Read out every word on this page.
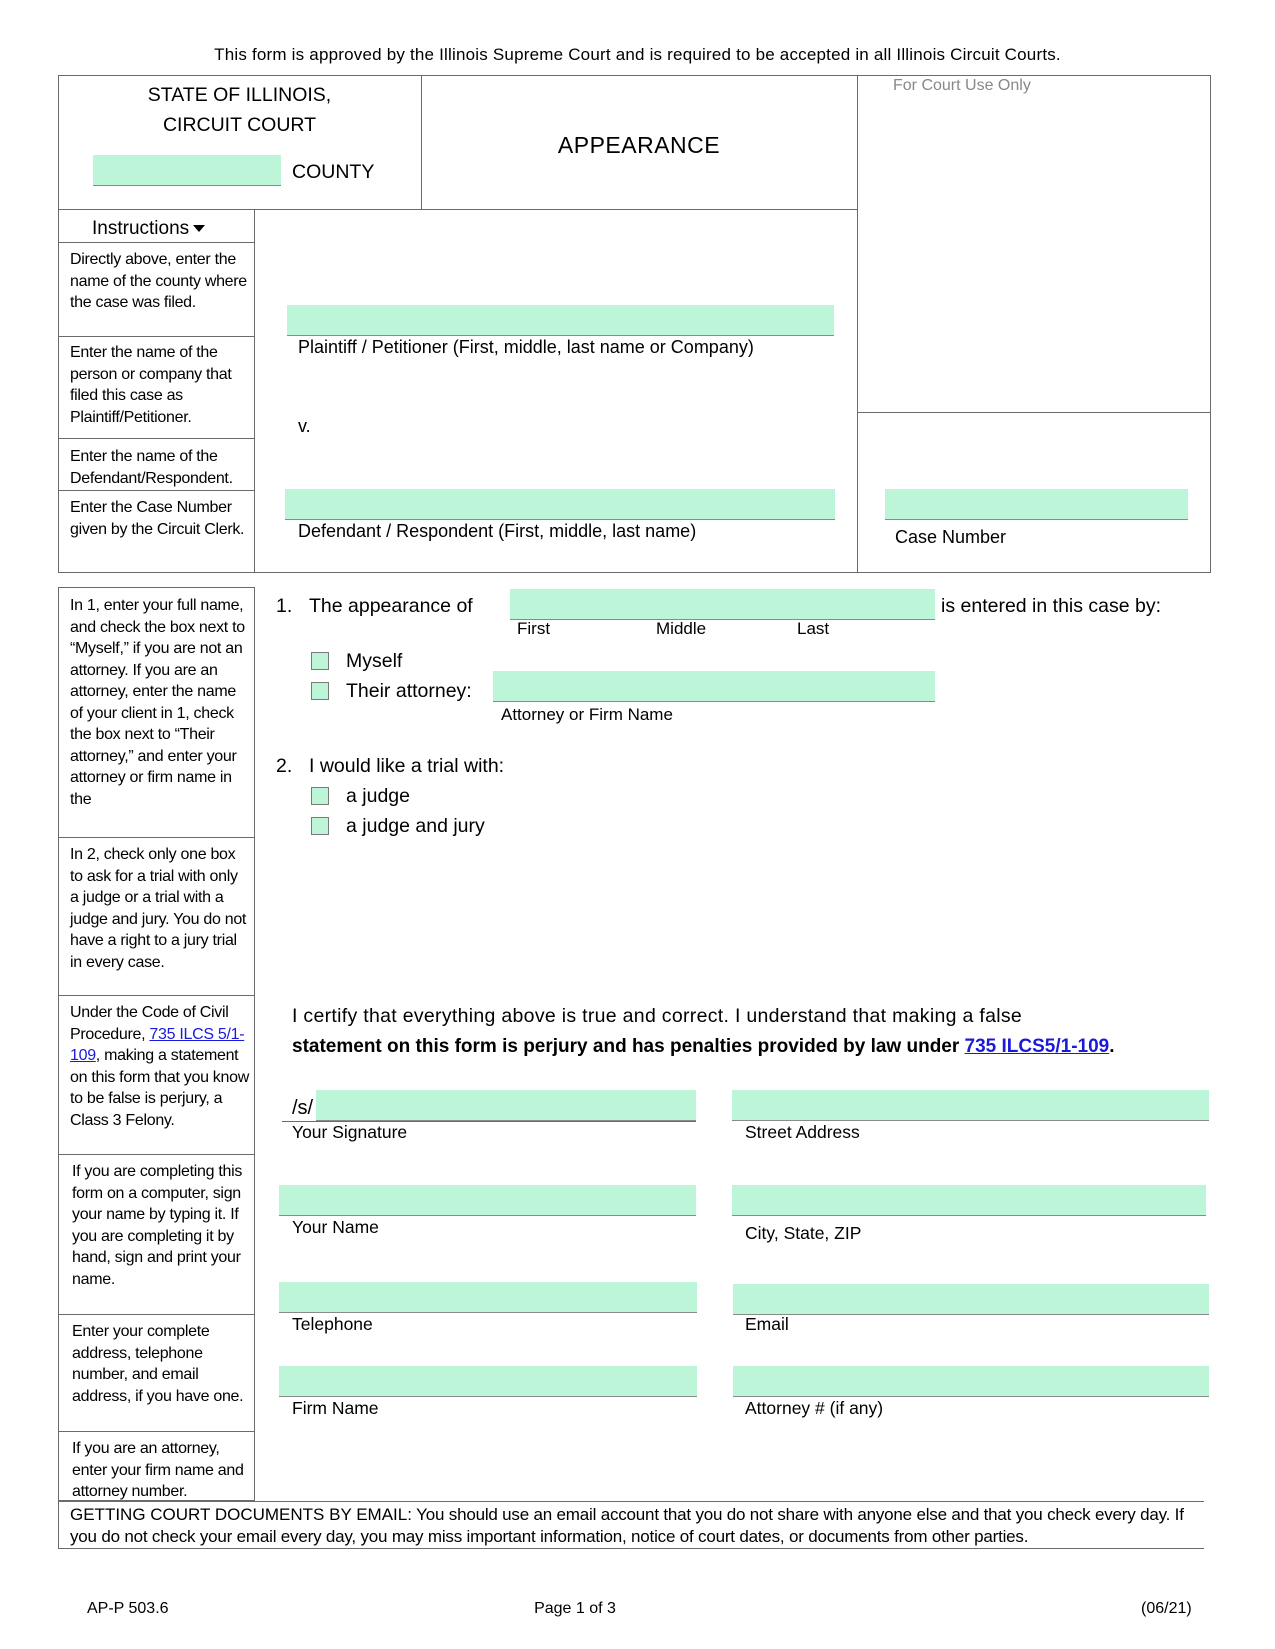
This form is approved by the Illinois Supreme Court and is required to be accepted in all Illinois Circuit Courts.
STATE OF ILLINOIS,
CIRCUIT COURT
COUNTY
APPEARANCE
For Court Use Only
Instructions
Directly above, enter the name of the county where the case was filed.
Enter the name of the person or company that filed this case as Plaintiff/Petitioner.
Enter the name of the Defendant/Respondent.
Enter the Case Number given by the Circuit Clerk.
Plaintiff / Petitioner (First, middle, last name or Company)
v.
Defendant / Respondent (First, middle, last name)	Case Number
In 1, enter your full name, and check the box next to “Myself,” if you are not an attorney. If you are an attorney, enter the name of your client in 1, check the box next to “Their attorney,” and enter your attorney or firm name in the
In 2, check only one box to ask for a trial with only a judge or a trial with a judge and jury. You do not have a right to a jury trial in every case.
Under the Code of Civil Procedure, 735 ILCS 5/1-109, making a statement on this form that you know to be false is perjury, a Class 3 Felony.
If you are completing this form on a computer, sign your name by typing it. If you are completing it by hand, sign and print your name.
Enter your complete address, telephone number, and email address, if you have one.
If you are an attorney, enter your firm name and attorney number.
1. The appearance of	is entered in this case by:
First	Middle	Last
Myself
Their attorney:
Attorney or Firm Name
2. I would like a trial with:
a judge
a judge and jury
I certify that everything above is true and correct. I understand that making a false
statement on this form is perjury and has penalties provided by law under 735 ILCS5/1-109.
/s/
Your Signature	Street Address
Your Name	City, State, ZIP
Telephone	Email
Firm Name	Attorney # (if any)
GETTING COURT DOCUMENTS BY EMAIL: You should use an email account that you do not share with anyone else and that you check every day. If you do not check your email every day, you may miss important information, notice of court dates, or documents from other parties.
AP-P 503.6	Page 1 of 3	(06/21)
